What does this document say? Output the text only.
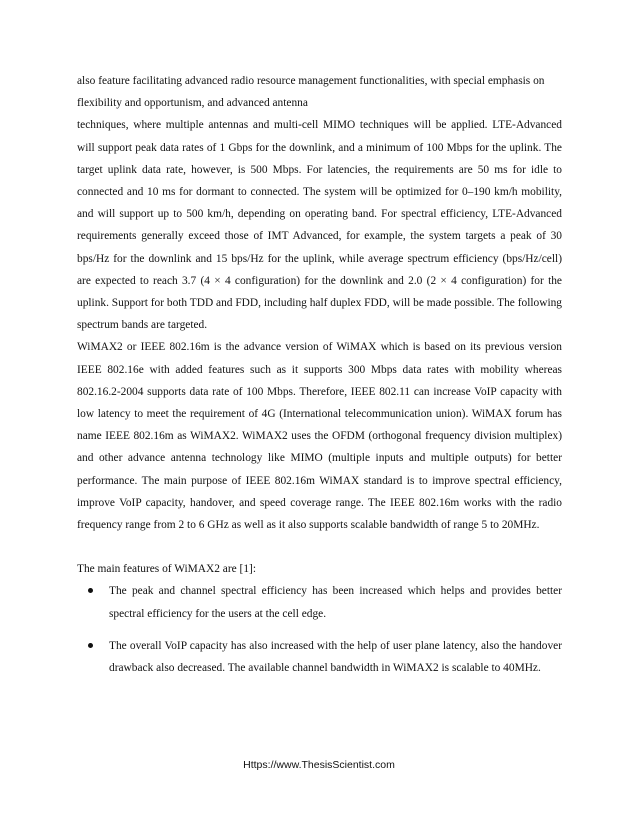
also feature facilitating advanced radio resource management functionalities, with special emphasis on flexibility and opportunism, and advanced antenna

techniques, where multiple antennas and multi-cell MIMO techniques will be applied. LTE-Advanced will support peak data rates of 1 Gbps for the downlink, and a minimum of 100 Mbps for the uplink. The target uplink data rate, however, is 500 Mbps. For latencies, the requirements are 50 ms for idle to connected and 10 ms for dormant to connected. The system will be optimized for 0–190 km/h mobility, and will support up to 500 km/h, depending on operating band. For spectral efficiency, LTE-Advanced requirements generally exceed those of IMT Advanced, for example, the system targets a peak of 30 bps/Hz for the downlink and 15 bps/Hz for the uplink, while average spectrum efficiency (bps/Hz/cell) are expected to reach 3.7 (4 × 4 configuration) for the downlink and 2.0 (2 × 4 configuration) for the uplink. Support for both TDD and FDD, including half duplex FDD, will be made possible. The following spectrum bands are targeted.

WiMAX2 or IEEE 802.16m is the advance version of WiMAX which is based on its previous version IEEE 802.16e with added features such as it supports 300 Mbps data rates with mobility whereas 802.16.2-2004 supports data rate of 100 Mbps. Therefore, IEEE 802.11 can increase VoIP capacity with low latency to meet the requirement of 4G (International telecommunication union). WiMAX forum has name IEEE 802.16m as WiMAX2. WiMAX2 uses the OFDM (orthogonal frequency division multiplex) and other advance antenna technology like MIMO (multiple inputs and multiple outputs) for better performance. The main purpose of IEEE 802.16m WiMAX standard is to improve spectral efficiency, improve VoIP capacity, handover, and speed coverage range. The IEEE 802.16m works with the radio frequency range from 2 to 6 GHz as well as it also supports scalable bandwidth of range 5 to 20MHz.

The main features of WiMAX2 are [1]:

The peak and channel spectral efficiency has been increased which helps and provides better spectral efficiency for the users at the cell edge.
The overall VoIP capacity has also increased with the help of user plane latency, also the handover drawback also decreased. The available channel bandwidth in WiMAX2 is scalable to 40MHz.
Https://www.ThesisScientist.com
